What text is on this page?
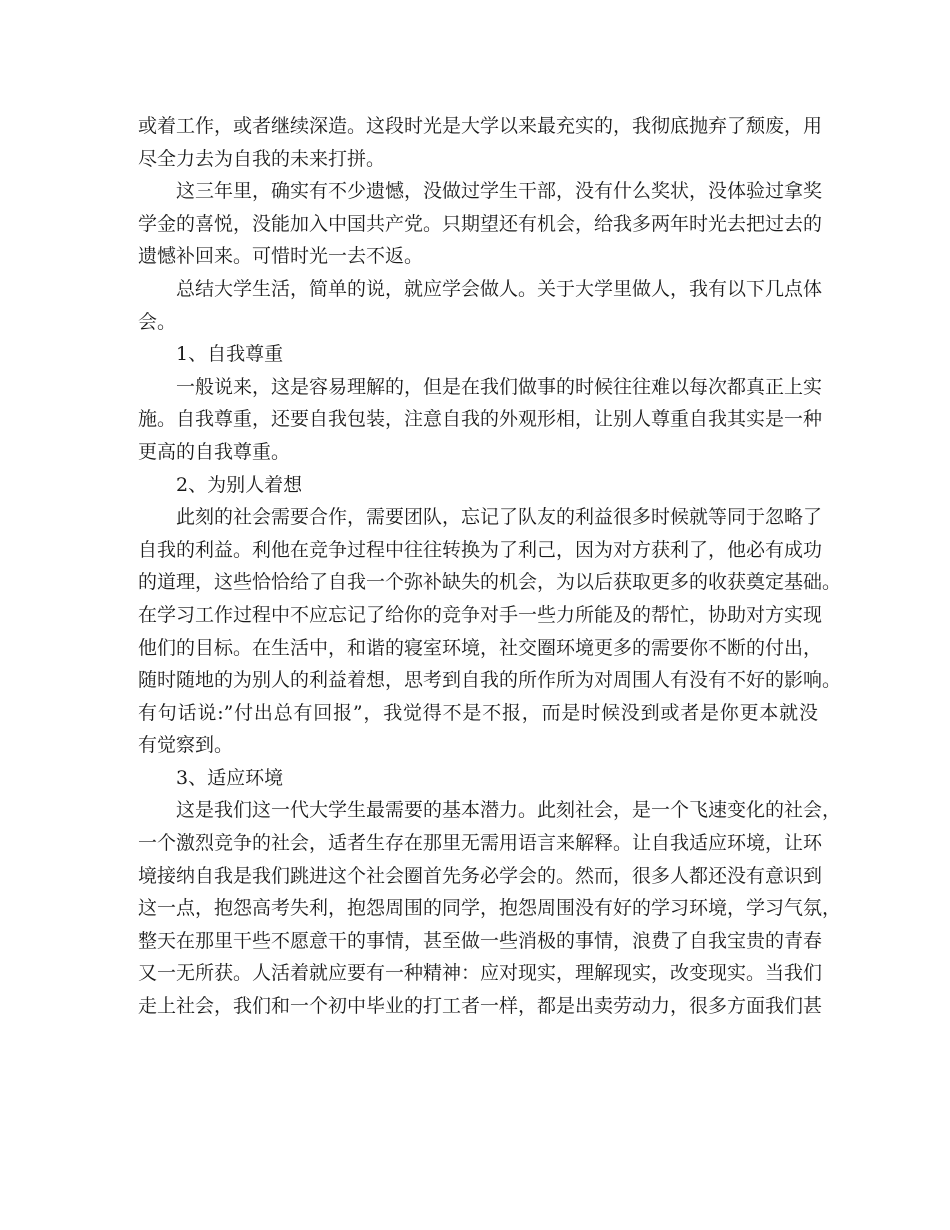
或着工作，或者继续深造。这段时光是大学以来最充实的，我彻底抛弃了颓废，用
尽全力去为自我的未来打拼。
这三年里，确实有不少遗憾，没做过学生干部，没有什么奖状，没体验过拿奖
学金的喜悦，没能加入中国共产党。只期望还有机会，给我多两年时光去把过去的
遗憾补回来。可惜时光一去不返。
总结大学生活，简单的说，就应学会做人。关于大学里做人，我有以下几点体
会。
1、自我尊重
一般说来，这是容易理解的，但是在我们做事的时候往往难以每次都真正上实
施。自我尊重，还要自我包装，注意自我的外观形相，让别人尊重自我其实是一种
更高的自我尊重。
2、为别人着想
此刻的社会需要合作，需要团队，忘记了队友的利益很多时候就等同于忽略了
自我的利益。利他在竞争过程中往往转换为了利己，因为对方获利了，他必有成功
的道理，这些恰恰给了自我一个弥补缺失的机会，为以后获取更多的收获奠定基础。
在学习工作过程中不应忘记了给你的竞争对手一些力所能及的帮忙，协助对方实现
他们的目标。在生活中，和谐的寝室环境，社交圈环境更多的需要你不断的付出，
随时随地的为别人的利益着想，思考到自我的所作所为对周围人有没有不好的影响。
有句话说:”付出总有回报”，我觉得不是不报，而是时候没到或者是你更本就没
有觉察到。
3、适应环境
这是我们这一代大学生最需要的基本潜力。此刻社会，是一个飞速变化的社会，
一个激烈竞争的社会，适者生存在那里无需用语言来解释。让自我适应环境，让环
境接纳自我是我们跳进这个社会圈首先务必学会的。然而，很多人都还没有意识到
这一点，抱怨高考失利，抱怨周围的同学，抱怨周围没有好的学习环境，学习气氛，
整天在那里干些不愿意干的事情，甚至做一些消极的事情，浪费了自我宝贵的青春
又一无所获。人活着就应要有一种精神：应对现实，理解现实，改变现实。当我们
走上社会，我们和一个初中毕业的打工者一样，都是出卖劳动力，很多方面我们甚
